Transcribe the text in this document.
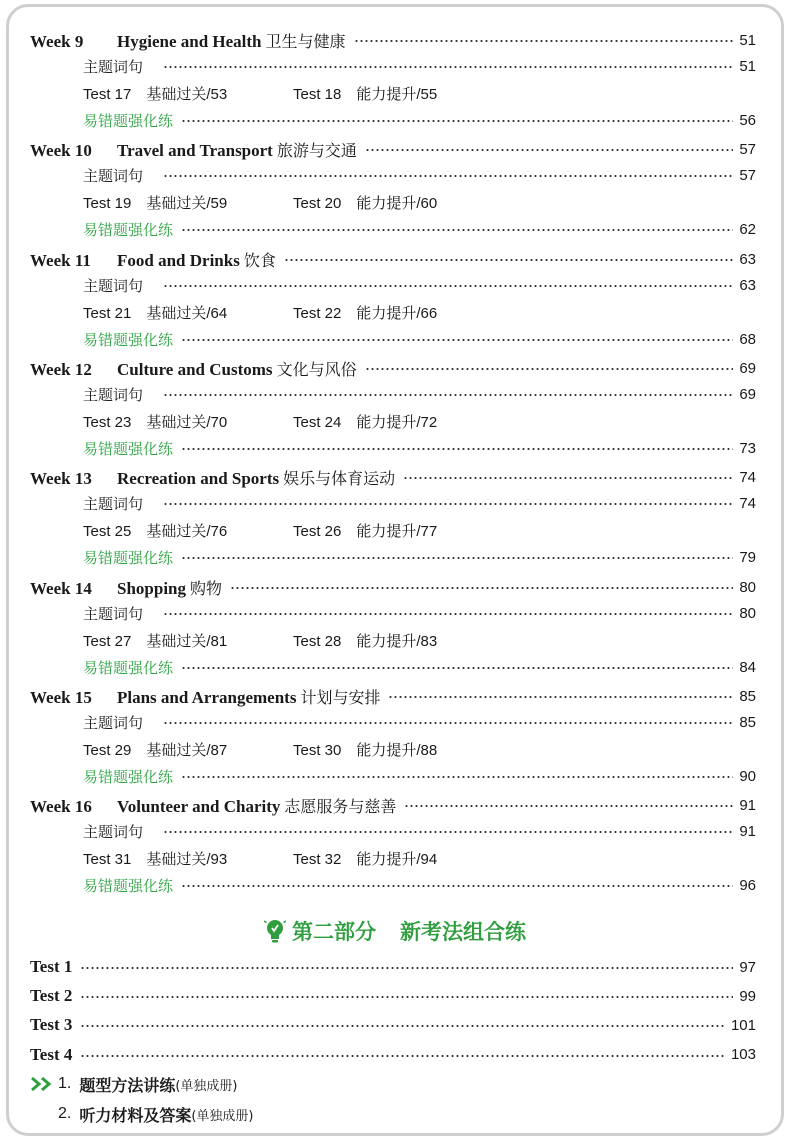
Week 9 Hygiene and Health 卫生与健康	51
主题词句	51
Test 17  基础过关/53	Test 18  能力提升/55
易错题强化练	56
Week 10 Travel and Transport 旅游与交通	57
主题词句	57
Test 19  基础过关/59	Test 20  能力提升/60
易错题强化练	62
Week 11 Food and Drinks 饮食	63
主题词句	63
Test 21  基础过关/64	Test 22  能力提升/66
易错题强化练	68
Week 12 Culture and Customs 文化与风俗	69
主题词句	69
Test 23  基础过关/70	Test 24  能力提升/72
易错题强化练	73
Week 13 Recreation and Sports 娱乐与体育运动	74
主题词句	74
Test 25  基础过关/76	Test 26  能力提升/77
易错题强化练	79
Week 14 Shopping 购物	80
主题词句	80
Test 27  基础过关/81	Test 28  能力提升/83
易错题强化练	84
Week 15 Plans and Arrangements 计划与安排	85
主题词句	85
Test 29  基础过关/87	Test 30  能力提升/88
易错题强化练	90
Week 16 Volunteer and Charity 志愿服务与慈善	91
主题词句	91
Test 31  基础过关/93	Test 32  能力提升/94
易错题强化练	96
第二部分 新考法组合练
Test 1	97
Test 2	99
Test 3	101
Test 4	103
1. 题型方法讲练 (单独成册)
2. 听力材料及答案 (单独成册)
